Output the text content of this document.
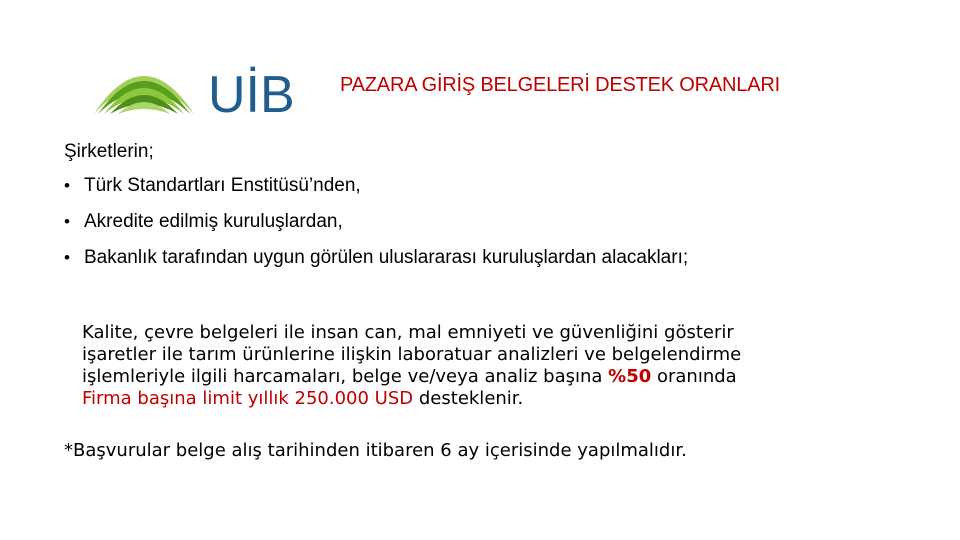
UİB PAZARA GİRİŞ BELGELERİ DESTEK ORANLARI
Şirketlerin;
• Türk Standartları Enstitüsü’nden,
• Akredite edilmiş kuruluşlardan,
• Bakanlık tarafından uygun görülen uluslararası kuruluşlardan alacakları;
Kalite, çevre belgeleri ile insan can, mal emniyeti ve güvenliğini gösterir
işaretler ile tarım ürünlerine ilişkin laboratuar analizleri ve belgelendirme
işlemleriyle ilgili harcamaları, belge ve/veya analiz başına %50 oranında
Firma başına limit yıllık 250.000 USD desteklenir.
*Başvurular belge alış tarihinden itibaren 6 ay içerisinde yapılmalıdır.
